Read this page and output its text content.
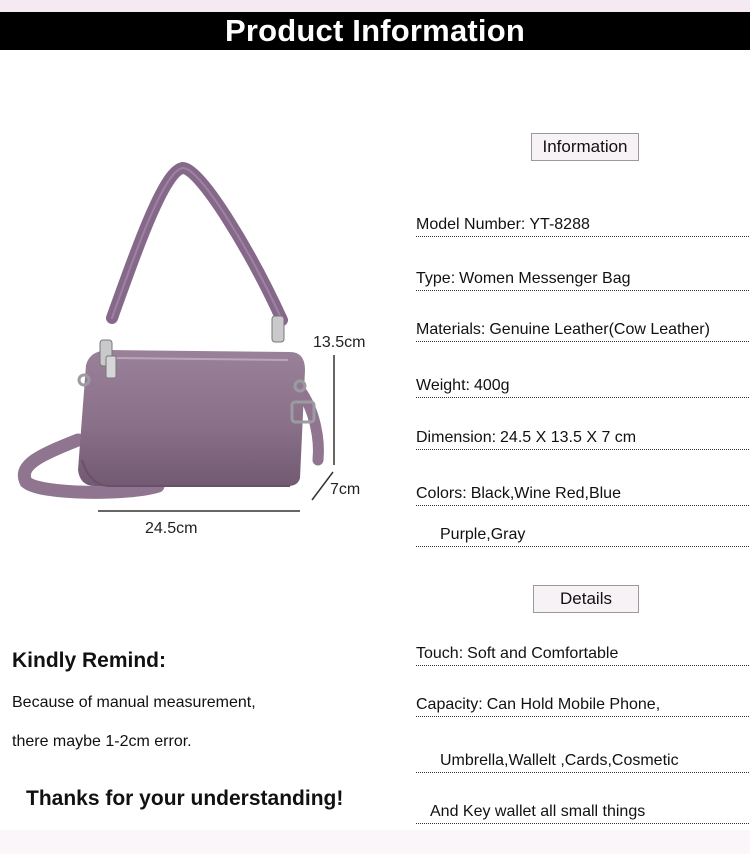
Product Information
13.5cm
7cm
24.5cm
Information
Model Number: YT-8288
Type: Women Messenger Bag
Materials: Genuine Leather(Cow Leather)
Weight: 400g
Dimension: 24.5 X 13.5 X 7 cm
Colors: Black,Wine Red,Blue
Purple,Gray
Details
Touch: Soft and Comfortable
Capacity: Can Hold Mobile Phone,
Umbrella,Wallelt ,Cards,Cosmetic
And Key wallet all small things
Kindly Remind:
Because of manual measurement,
there maybe 1-2cm error.
Thanks for your understanding!
